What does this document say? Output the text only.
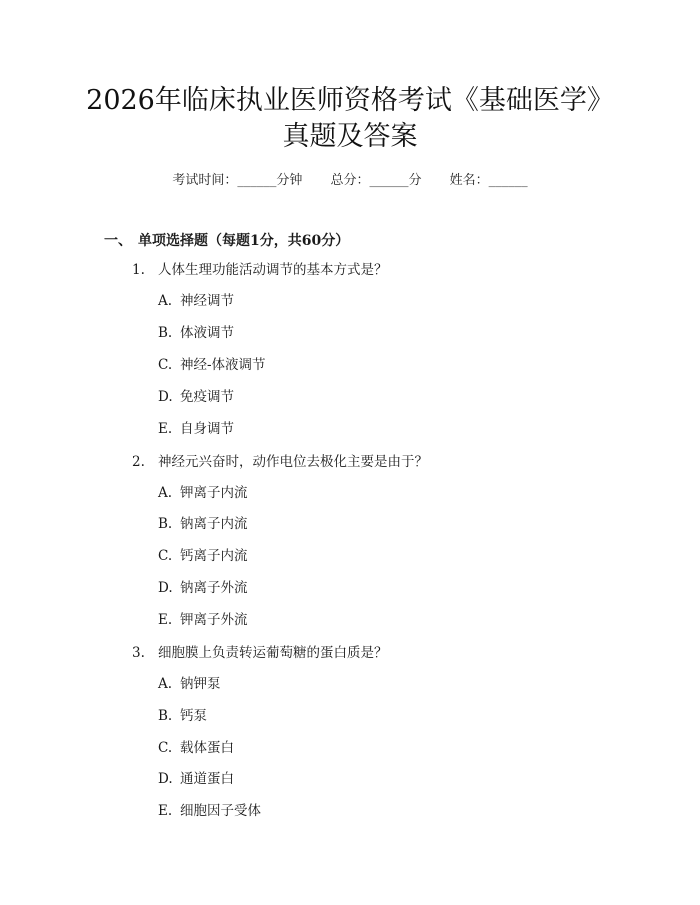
2026年临床执业医师资格考试《基础医学》
真题及答案
考试时间：______分钟 总分：______分 姓名：______
一、 单项选择题（每题1分，共60分）
1. 人体生理功能活动调节的基本方式是？
A. 神经调节
B. 体液调节
C. 神经-体液调节
D. 免疫调节
E. 自身调节
2. 神经元兴奋时，动作电位去极化主要是由于？
A. 钾离子内流
B. 钠离子内流
C. 钙离子内流
D. 钠离子外流
E. 钾离子外流
3. 细胞膜上负责转运葡萄糖的蛋白质是？
A. 钠钾泵
B. 钙泵
C. 载体蛋白
D. 通道蛋白
E. 细胞因子受体
